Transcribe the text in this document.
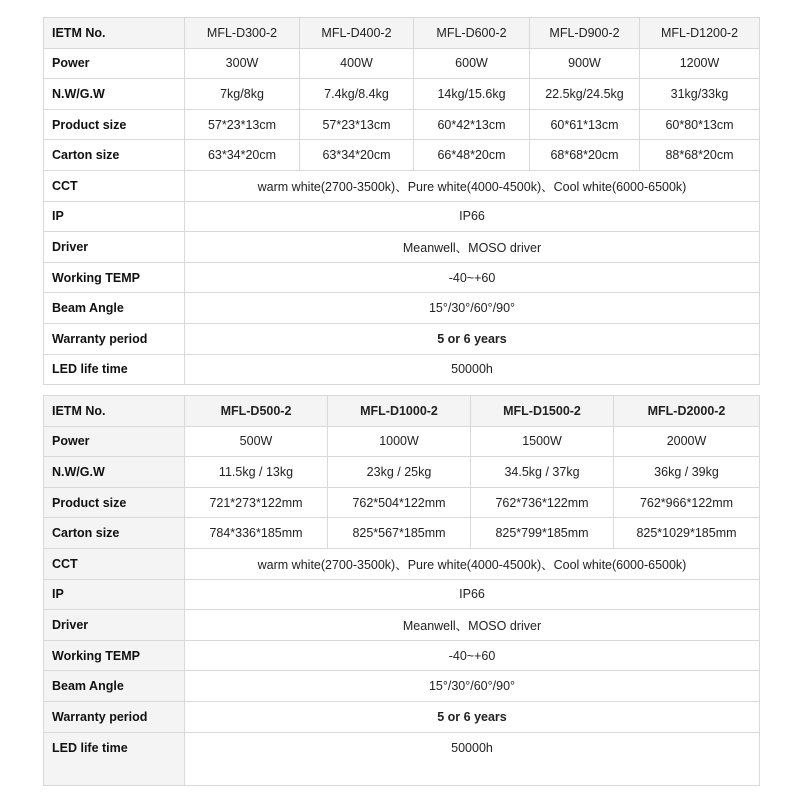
IETM No.	MFL-D300-2	MFL-D400-2	MFL-D600-2	MFL-D900-2	MFL-D1200-2
Power	300W	400W	600W	900W	1200W
N.W/G.W	7kg/8kg	7.4kg/8.4kg	14kg/15.6kg	22.5kg/24.5kg	31kg/33kg
Product size	57*23*13cm	57*23*13cm	60*42*13cm	60*61*13cm	60*80*13cm
Carton size	63*34*20cm	63*34*20cm	66*48*20cm	68*68*20cm	88*68*20cm
CCT	warm white(2700-3500k)、Pure white(4000-4500k)、Cool white(6000-6500k)				
IP	IP66				
Driver	Meanwell、MOSO driver				
Working TEMP	-40~+60				
Beam Angle	15°/30°/60°/90°				
Warranty period	5 or 6 years				
LED life time	50000h				
IETM No.	MFL-D500-2	MFL-D1000-2	MFL-D1500-2	MFL-D2000-2
Power	500W	1000W	1500W	2000W
N.W/G.W	11.5kg / 13kg	23kg / 25kg	34.5kg / 37kg	36kg / 39kg
Product size	721*273*122mm	762*504*122mm	762*736*122mm	762*966*122mm
Carton size	784*336*185mm	825*567*185mm	825*799*185mm	825*1029*185mm
CCT	warm white(2700-3500k)、Pure white(4000-4500k)、Cool white(6000-6500k)			
IP	IP66			
Driver	Meanwell、MOSO driver			
Working TEMP	-40~+60			
Beam Angle	15°/30°/60°/90°			
Warranty period	5 or 6 years			
LED life time	50000h			
